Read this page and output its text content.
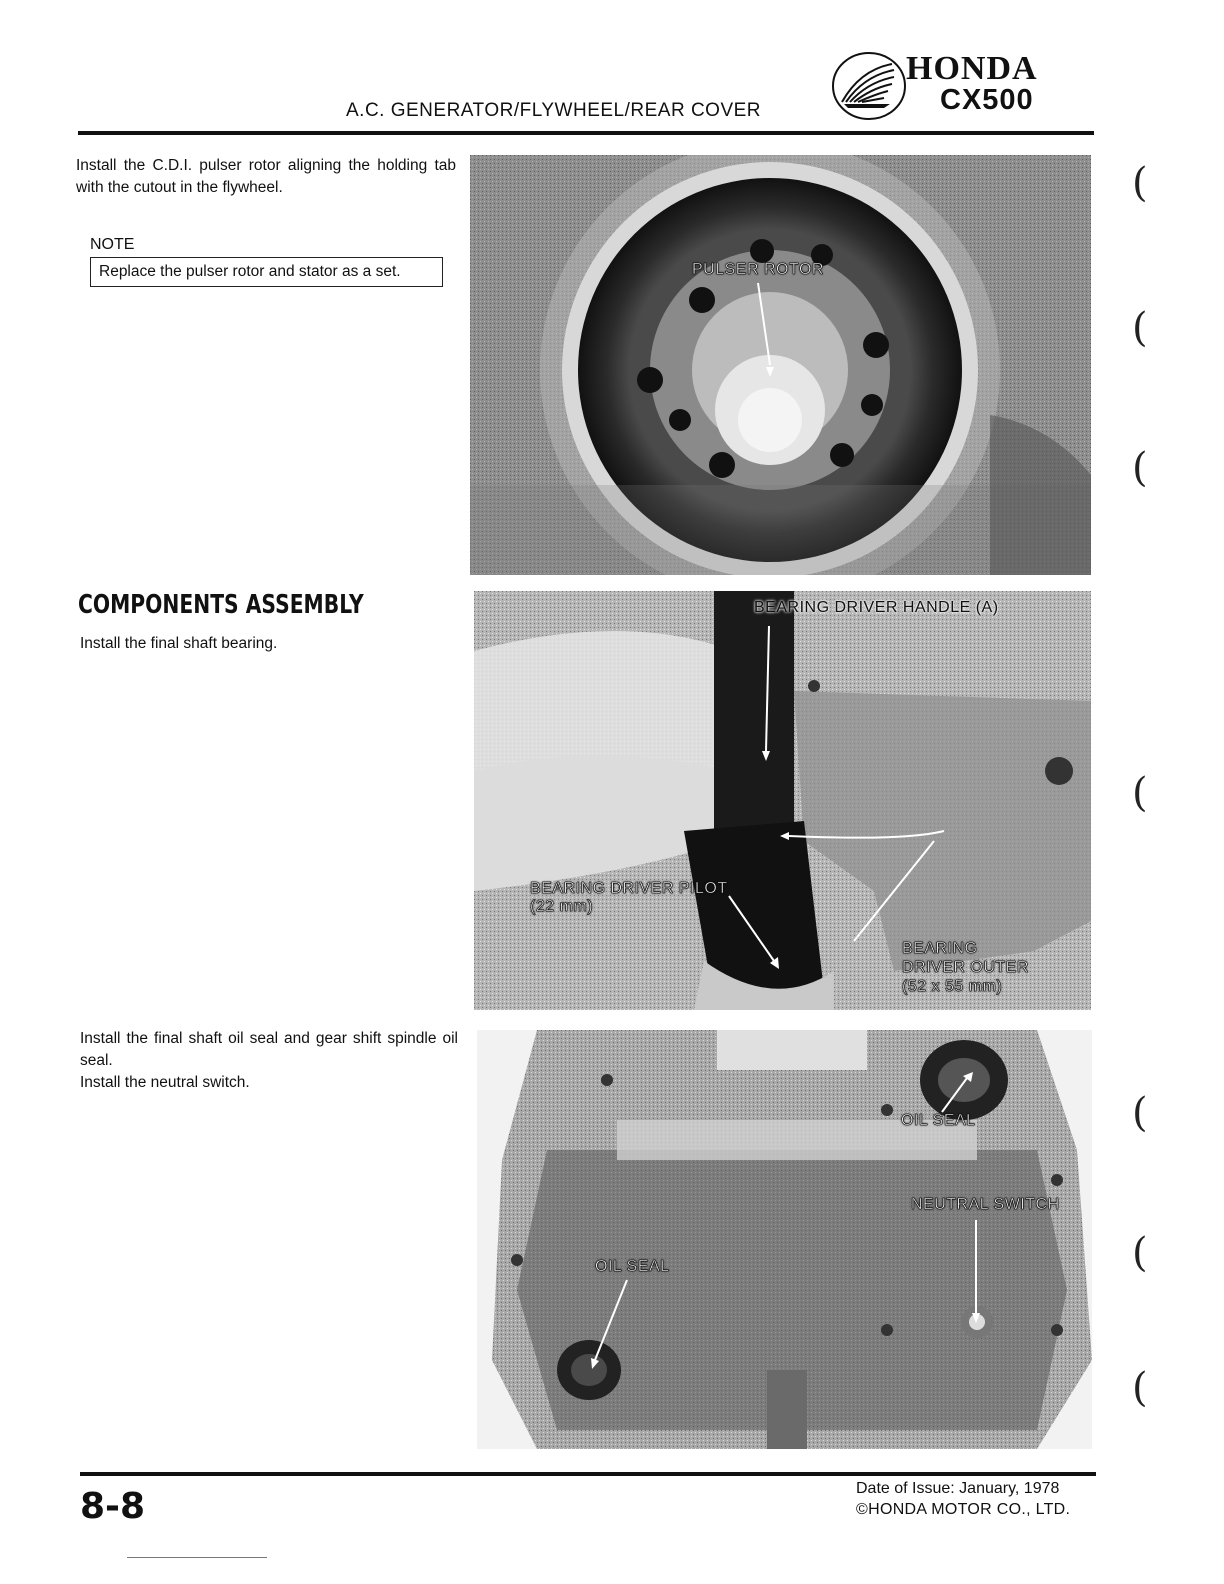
A.C. GENERATOR/FLYWHEEL/REAR COVER
HONDA
CX500
Install the C.D.I. pulser rotor aligning the holding tab with the cutout in the flywheel.
NOTE
Replace the pulser rotor and stator as a set.
COMPONENTS ASSEMBLY
Install the final shaft bearing.
Install the final shaft oil seal and gear shift spindle oil seal.
Install the neutral switch.
PULSER ROTOR
BEARING DRIVER HANDLE (A)
BEARING DRIVER PILOT
(22 mm)
BEARING
DRIVER OUTER
(52 x 55 mm)
OIL SEAL
NEUTRAL SWITCH
OIL SEAL
(
(
(
(
(
(
(
8-8	Date of Issue: January, 1978
©HONDA MOTOR CO., LTD.
